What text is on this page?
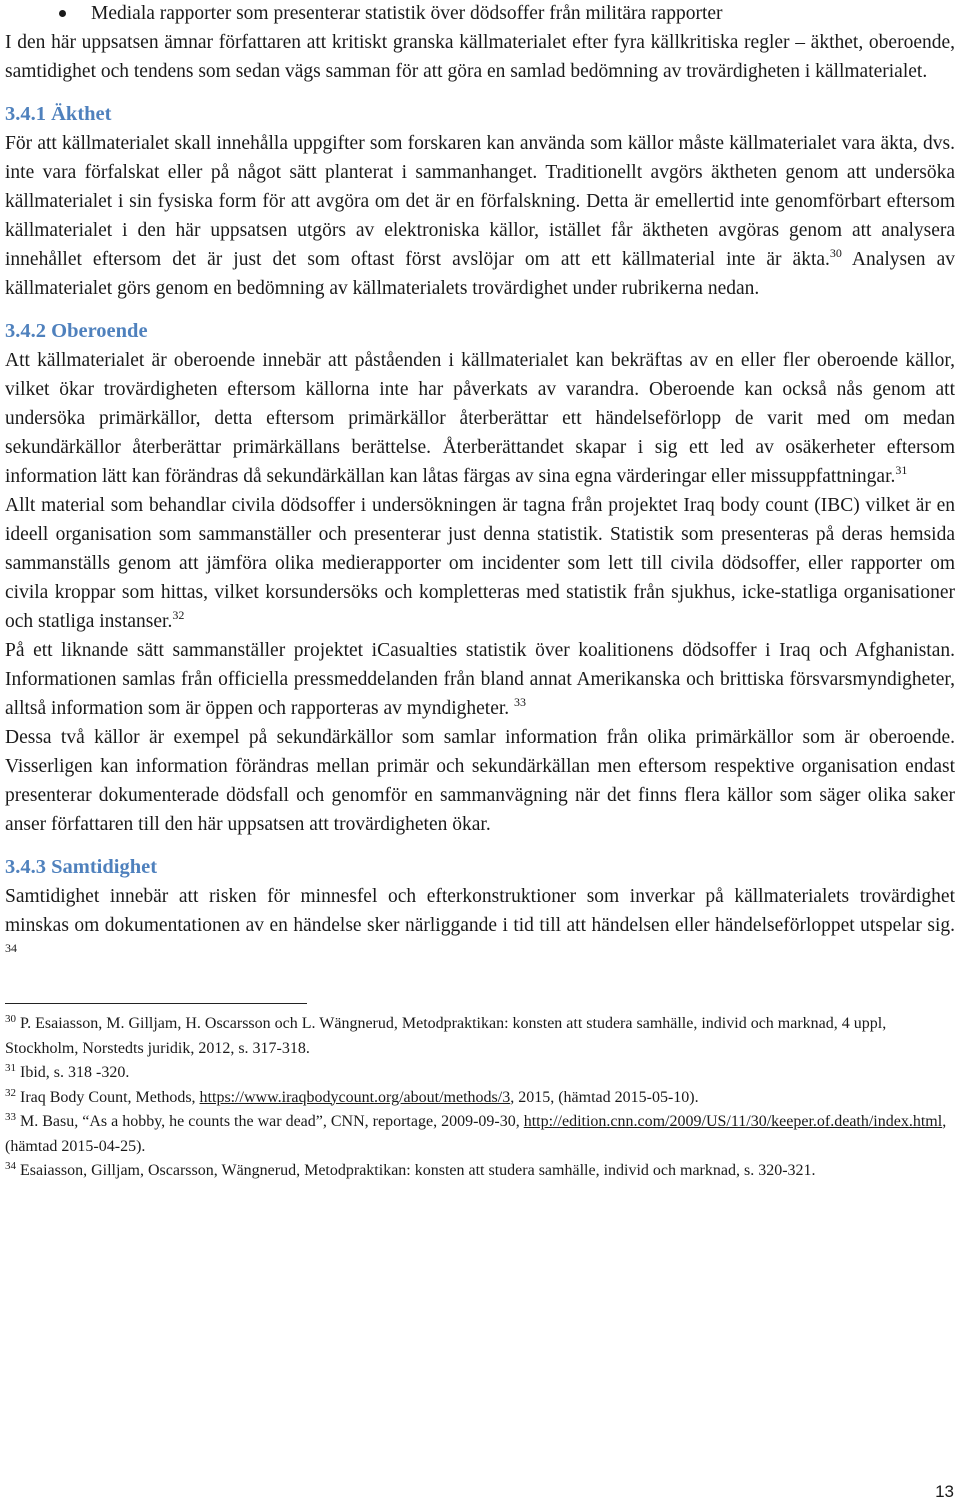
Mediala rapporter som presenterar statistik över dödsoffer från militära rapporter

I den här uppsatsen ämnar författaren att kritiskt granska källmaterialet efter fyra källkritiska regler – äkthet, oberoende, samtidighet och tendens som sedan vägs samman för att göra en samlad bedömning av trovärdigheten i källmaterialet.

3.4.1 Äkthet

För att källmaterialet skall innehålla uppgifter som forskaren kan använda som källor måste källmaterialet vara äkta, dvs. inte vara förfalskat eller på något sätt planterat i sammanhanget. Traditionellt avgörs äktheten genom att undersöka källmaterialet i sin fysiska form för att avgöra om det är en förfalskning. Detta är emellertid inte genomförbart eftersom källmaterialet i den här uppsatsen utgörs av elektroniska källor, istället får äktheten avgöras genom att analysera innehållet eftersom det är just det som oftast först avslöjar om att ett källmaterial inte är äkta.$^{30}$ Analysen av källmaterialet görs genom en bedömning av källmaterialets trovärdighet under rubrikerna nedan.

3.4.2 Oberoende

Att källmaterialet är oberoende innebär att påståenden i källmaterialet kan bekräftas av en eller fler oberoende källor, vilket ökar trovärdigheten eftersom källorna inte har påverkats av varandra. Oberoende kan också nås genom att undersöka primärkällor, detta eftersom primärkällor återberättar ett händelseförlopp de varit med om medan sekundärkällor återberättar primärkällans berättelse. Återberättandet skapar i sig ett led av osäkerheter eftersom information lätt kan förändras då sekundärkällan kan låtas färgas av sina egna värderingar eller missuppfattningar.$^{31}$

Allt material som behandlar civila dödsoffer i undersökningen är tagna från projektet Iraq body count (IBC) vilket är en ideell organisation som sammanställer och presenterar just denna statistik. Statistik som presenteras på deras hemsida sammanställs genom att jämföra olika medierapporter om incidenter som lett till civila dödsoffer, eller rapporter om civila kroppar som hittas, vilket korsundersöks och kompletteras med statistik från sjukhus, icke-statliga organisationer och statliga instanser.$^{32}$

På ett liknande sätt sammanställer projektet iCasualties statistik över koalitionens dödsoffer i Iraq och Afghanistan. Informationen samlas från officiella pressmeddelanden från bland annat Amerikanska och brittiska försvarsmyndigheter, alltså information som är öppen och rapporteras av myndigheter. $^{33}$

Dessa två källor är exempel på sekundärkällor som samlar information från olika primärkällor som är oberoende. Visserligen kan information förändras mellan primär och sekundärkällan men eftersom respektive organisation endast presenterar dokumenterade dödsfall och genomför en sammanvägning när det finns flera källor som säger olika saker anser författaren till den här uppsatsen att trovärdigheten ökar.

3.4.3 Samtidighet

Samtidighet innebär att risken för minnesfel och efterkonstruktioner som inverkar på källmaterialets trovärdighet minskas om dokumentationen av en händelse sker närliggande i tid till att händelsen eller händelseförloppet utspelar sig. $^{34}$

$^{30}$ P. Esaiasson, M. Gilljam, H. Oscarsson och L. Wängnerud, Metodpraktikan: konsten att studera samhälle, individ och marknad, 4 uppl, Stockholm, Norstedts juridik, 2012, s. 317-318.

$^{31}$ Ibid, s. 318 -320.

$^{32}$ Iraq Body Count, Methods, https://www.iraqbodycount.org/about/methods/3, 2015, (hämtad 2015-05-10).

$^{33}$ M. Basu, “As a hobby, he counts the war dead”, CNN, reportage, 2009-09-30, http://edition.cnn.com/2009/US/11/30/keeper.of.death/index.html, (hämtad 2015-04-25).

$^{34}$ Esaiasson, Gilljam, Oscarsson, Wängnerud, Metodpraktikan: konsten att studera samhälle, individ och marknad, s. 320-321.

13
